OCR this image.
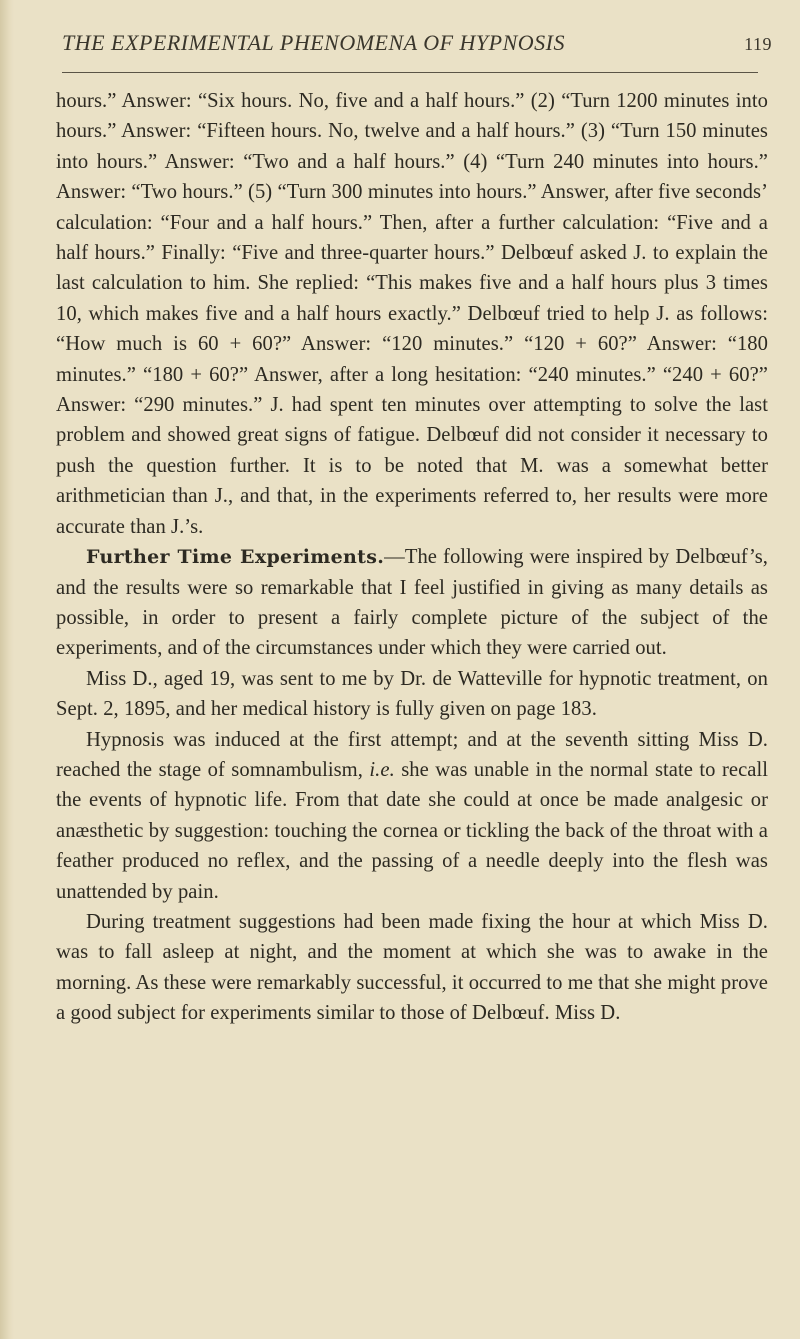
THE EXPERIMENTAL PHENOMENA OF HYPNOSIS	119

hours.” Answer: “Six hours. No, five and a half hours.” (2) “Turn 1200 minutes into hours.” Answer: “Fifteen hours. No, twelve and a half hours.” (3) “Turn 150 minutes into hours.” Answer: “Two and a half hours.” (4) “Turn 240 minutes into hours.” Answer: “Two hours.” (5) “Turn 300 minutes into hours.” Answer, after five seconds’ calculation: “Four and a half hours.” Then, after a further calculation: “Five and a half hours.” Finally: “Five and three-quarter hours.” Delbœuf asked J. to explain the last calculation to him. She replied: “This makes five and a half hours plus 3 times 10, which makes five and a half hours exactly.” Delbœuf tried to help J. as follows: “How much is 60 + 60?” Answer: “120 minutes.” “120 + 60?” Answer: “180 minutes.” “180 + 60?” Answer, after a long hesitation: “240 minutes.” “240 + 60?” Answer: “290 minutes.” J. had spent ten minutes over attempting to solve the last problem and showed great signs of fatigue. Delbœuf did not consider it necessary to push the question further. It is to be noted that M. was a somewhat better arithmetician than J., and that, in the experiments referred to, her results were more accurate than J.’s.

Further Time Experiments.—The following were inspired by Delbœuf’s, and the results were so remarkable that I feel justified in giving as many details as possible, in order to present a fairly complete picture of the subject of the experiments, and of the circumstances under which they were carried out.

Miss D., aged 19, was sent to me by Dr. de Watteville for hypnotic treatment, on Sept. 2, 1895, and her medical history is fully given on page 183.

Hypnosis was induced at the first attempt; and at the seventh sitting Miss D. reached the stage of somnambulism, i.e. she was unable in the normal state to recall the events of hypnotic life. From that date she could at once be made analgesic or anæsthetic by suggestion: touching the cornea or tickling the back of the throat with a feather produced no reflex, and the passing of a needle deeply into the flesh was unattended by pain.

During treatment suggestions had been made fixing the hour at which Miss D. was to fall asleep at night, and the moment at which she was to awake in the morning. As these were remarkably successful, it occurred to me that she might prove a good subject for experiments similar to those of Delbœuf. Miss D.
